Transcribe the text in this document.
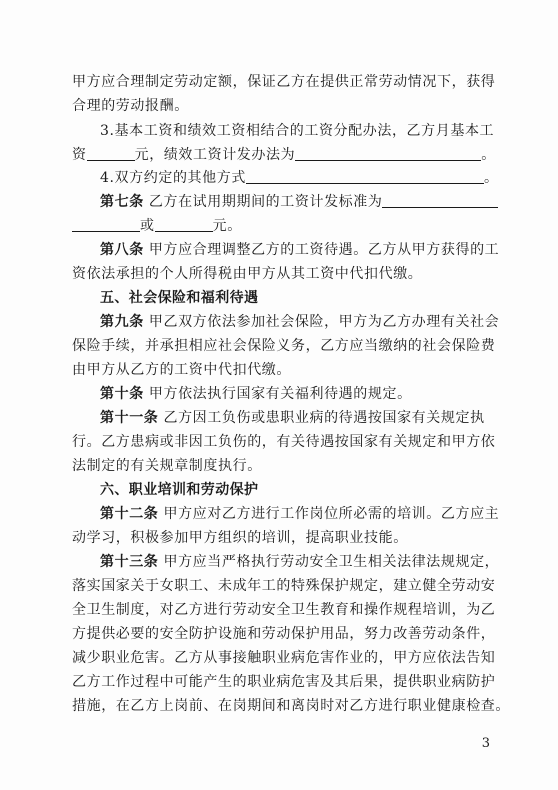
甲方应合理制定劳动定额，保证乙方在提供正常劳动情况下，获得
合理的劳动报酬。
3.基本工资和绩效工资相结合的工资分配办法，乙方月基本工
资	元，绩效工资计发办法为	。
4.双方约定的其他方式	。
第七条 乙方在试用期期间的工资计发标准为
或	元。
第八条 甲方应合理调整乙方的工资待遇。乙方从甲方获得的工
资依法承担的个人所得税由甲方从其工资中代扣代缴。
五、社会保险和福利待遇
第九条 甲乙双方依法参加社会保险，甲方为乙方办理有关社会
保险手续，并承担相应社会保险义务，乙方应当缴纳的社会保险费
由甲方从乙方的工资中代扣代缴。
第十条 甲方依法执行国家有关福利待遇的规定。
第十一条 乙方因工负伤或患职业病的待遇按国家有关规定执
行。乙方患病或非因工负伤的，有关待遇按国家有关规定和甲方依
法制定的有关规章制度执行。
六、职业培训和劳动保护
第十二条 甲方应对乙方进行工作岗位所必需的培训。乙方应主
动学习，积极参加甲方组织的培训，提高职业技能。
第十三条 甲方应当严格执行劳动安全卫生相关法律法规规定，
落实国家关于女职工、未成年工的特殊保护规定，建立健全劳动安
全卫生制度，对乙方进行劳动安全卫生教育和操作规程培训，为乙
方提供必要的安全防护设施和劳动保护用品，努力改善劳动条件，
减少职业危害。乙方从事接触职业病危害作业的，甲方应依法告知
乙方工作过程中可能产生的职业病危害及其后果，提供职业病防护
措施，在乙方上岗前、在岗期间和离岗时对乙方进行职业健康检查。
3
